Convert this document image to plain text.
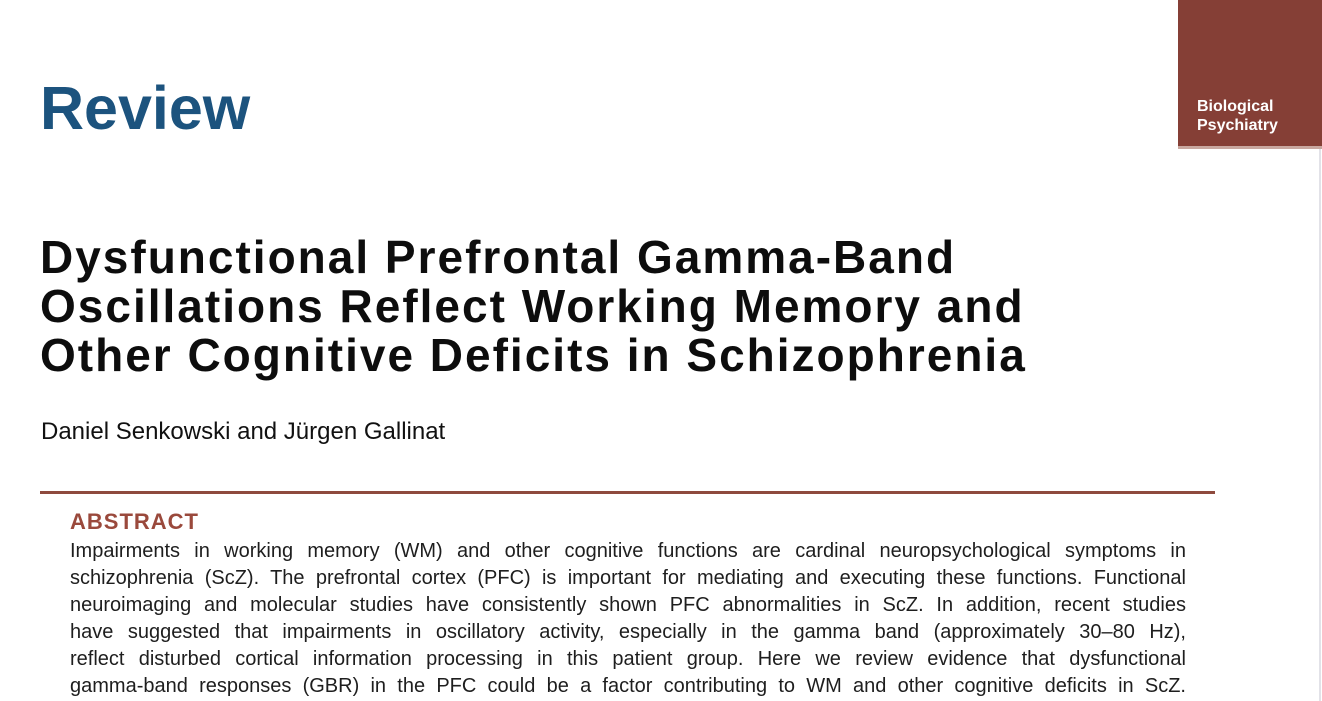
Review	Biological
Psychiatry
Dysfunctional Prefrontal Gamma-Band
Oscillations Reflect Working Memory and
Other Cognitive Deficits in Schizophrenia
Daniel Senkowski and Jürgen Gallinat
ABSTRACT
Impairments in working memory (WM) and other cognitive functions are cardinal neuropsychological symptoms in
schizophrenia (ScZ). The prefrontal cortex (PFC) is important for mediating and executing these functions. Functional
neuroimaging and molecular studies have consistently shown PFC abnormalities in ScZ. In addition, recent studies
have suggested that impairments in oscillatory activity, especially in the gamma band (approximately 30–80 Hz),
reflect disturbed cortical information processing in this patient group. Here we review evidence that dysfunctional
gamma-band responses (GBR) in the PFC could be a factor contributing to WM and other cognitive deficits in ScZ.
